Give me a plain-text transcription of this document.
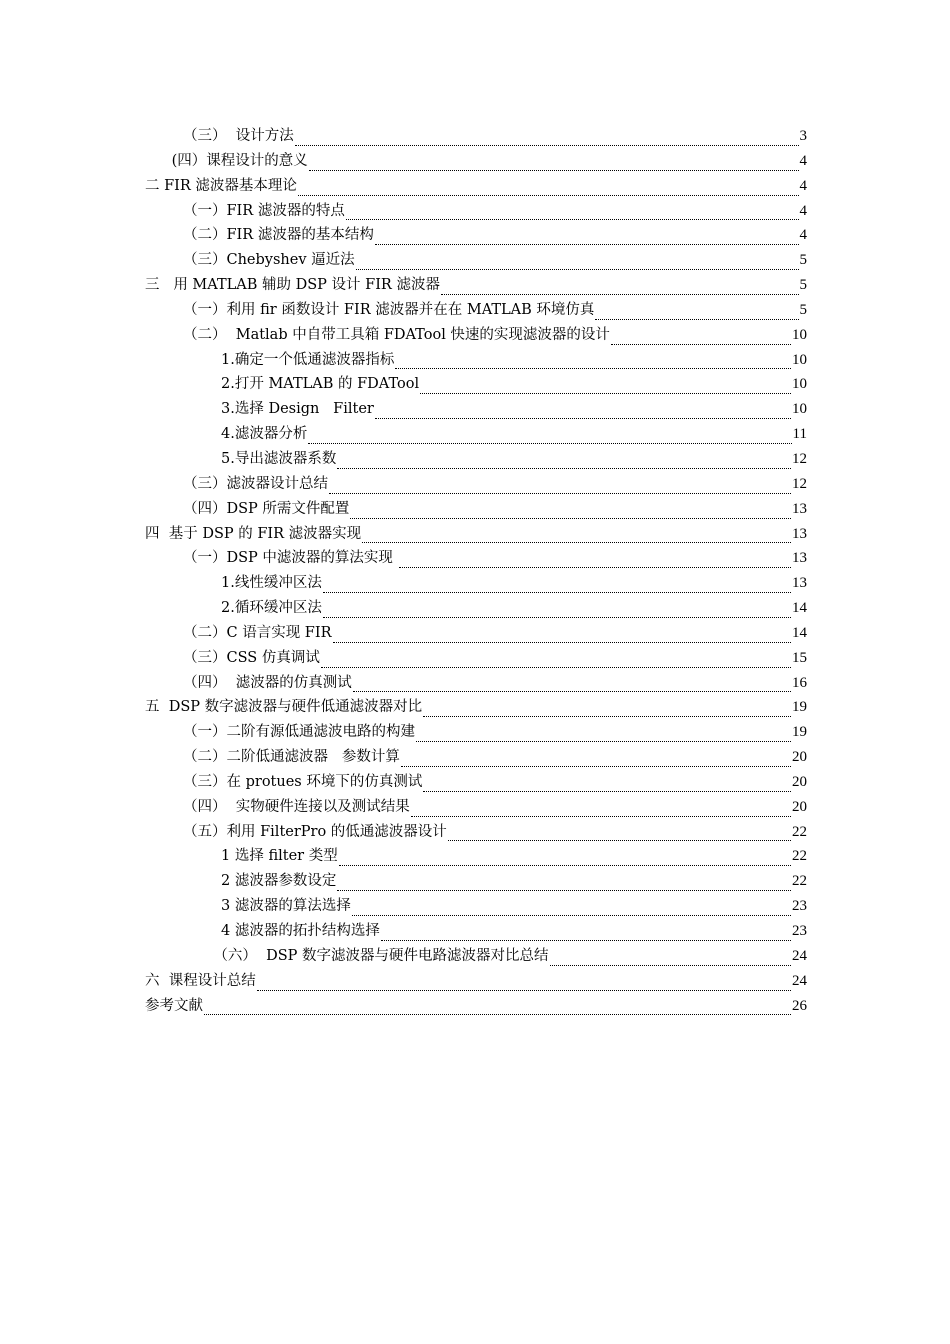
（三）  设计方法	3
(四）课程设计的意义	4
二 FIR 滤波器基本理论	4
（一）FIR 滤波器的特点	4
（二）FIR 滤波器的基本结构	4
（三）Chebyshev 逼近法	5
三   用 MATLAB 辅助 DSP 设计 FIR 滤波器	5
（一）利用 fir 函数设计 FIR 滤波器并在在 MATLAB 环境仿真	5
（二）  Matlab 中自带工具箱 FDATool 快速的实现滤波器的设计	10
1.确定一个低通滤波器指标	10
2.打开 MATLAB 的 FDATool	10
3.选择 Design   Filter	10
4.滤波器分析	11
5.导出滤波器系数	12
（三）滤波器设计总结	12
（四）DSP 所需文件配置	13
四  基于 DSP 的 FIR 滤波器实现	13
（一）DSP 中滤波器的算法实现	13
1.线性缓冲区法	13
2.循环缓冲区法	14
（二）C 语言实现 FIR	14
（三）CSS 仿真调试	15
（四）  滤波器的仿真测试	16
五  DSP 数字滤波器与硬件低通滤波器对比	19
（一）二阶有源低通滤波电路的构建	19
（二）二阶低通滤波器   参数计算	20
（三）在 protues 环境下的仿真测试	20
（四）  实物硬件连接以及测试结果	20
（五）利用 FilterPro 的低通滤波器设计	22
1 选择 filter 类型	22
2 滤波器参数设定	22
3 滤波器的算法选择	23
4 滤波器的拓扑结构选择	23
（六）  DSP 数字滤波器与硬件电路滤波器对比总结	24
六  课程设计总结	24
参考文献	26
